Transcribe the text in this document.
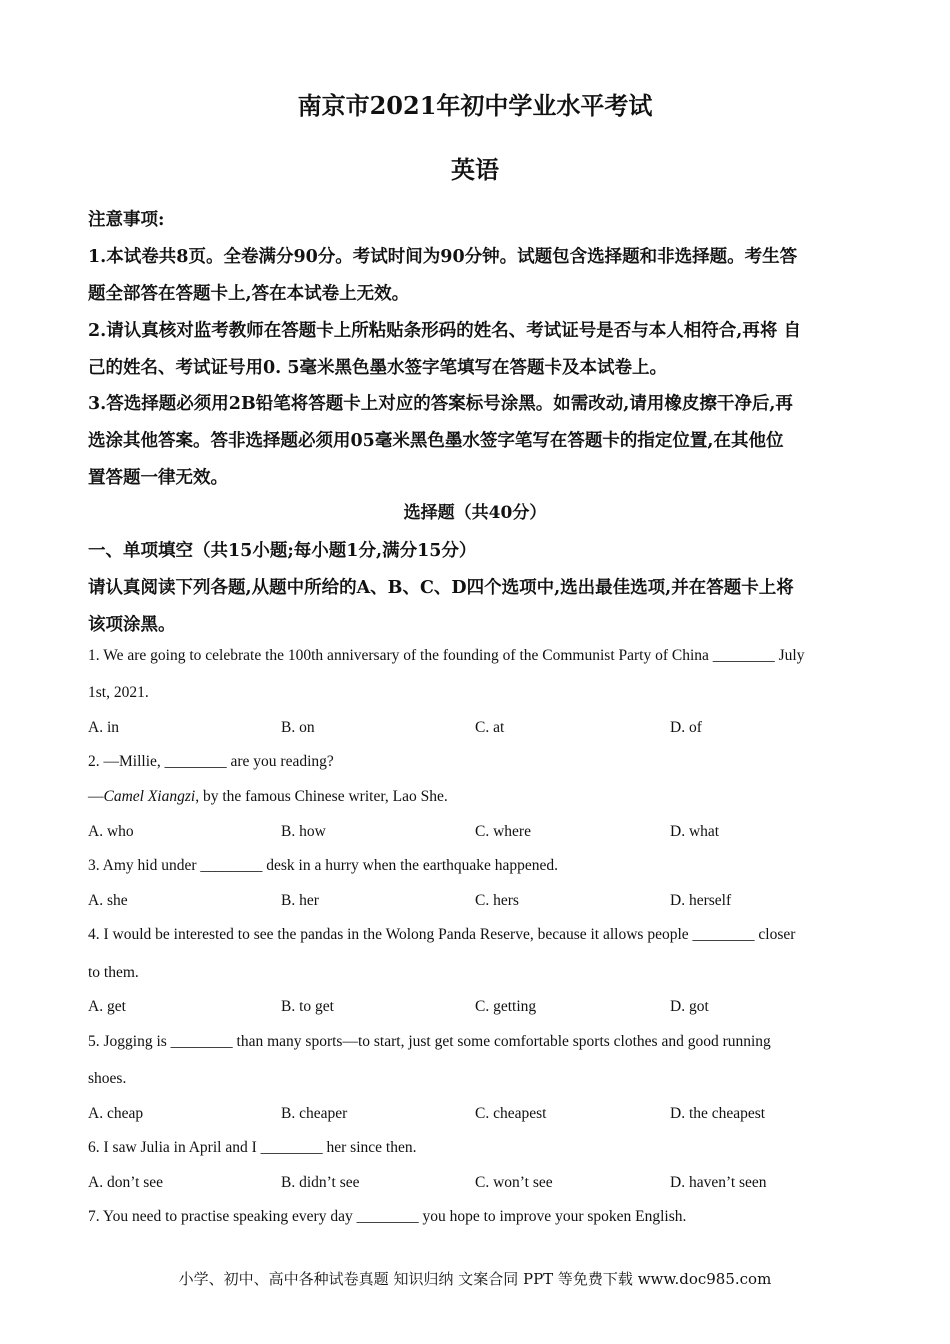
南京市2021年初中学业水平考试
英语
注意事项:
1.本试卷共8页。全卷满分90分。考试时间为90分钟。试题包含选择题和非选择题。考生答
题全部答在答题卡上,答在本试卷上无效。
2.请认真核对监考教师在答题卡上所粘贴条形码的姓名、考试证号是否与本人相符合,再将 自
己的姓名、考试证号用0. 5毫米黑色墨水签字笔填写在答题卡及本试卷上。
3.答选择题必须用2B铅笔将答题卡上对应的答案标号涂黑。如需改动,请用橡皮擦干净后,再
选涂其他答案。答非选择题必须用05毫米黑色墨水签字笔写在答题卡的指定位置,在其他位
置答题一律无效。
选择题（共40分）
一、单项填空（共15小题;每小题1分,满分15分）
请认真阅读下列各题,从题中所给的A、B、C、D四个选项中,选出最佳选项,并在答题卡上将
该项涂黑。
1. We are going to celebrate the 100th anniversary of the founding of the Communist Party of China ________ July
1st, 2021.
A. in	B. on	C. at	D. of
2. —Millie, ________ are you reading?
—Camel Xiangzi, by the famous Chinese writer, Lao She.
A. who	B. how	C. where	D. what
3. Amy hid under ________ desk in a hurry when the earthquake happened.
A. she	B. her	C. hers	D. herself
4. I would be interested to see the pandas in the Wolong Panda Reserve, because it allows people ________ closer
to them.
A. get	B. to get	C. getting	D. got
5. Jogging is ________ than many sports—to start, just get some comfortable sports clothes and good running
shoes.
A. cheap	B. cheaper	C. cheapest	D. the cheapest
6. I saw Julia in April and I ________ her since then.
A. don’t see	B. didn’t see	C. won’t see	D. haven’t seen
7. You need to practise speaking every day ________ you hope to improve your spoken English.
小学、初中、高中各种试卷真题 知识归纳 文案合同 PPT 等免费下载 www.doc985.com
